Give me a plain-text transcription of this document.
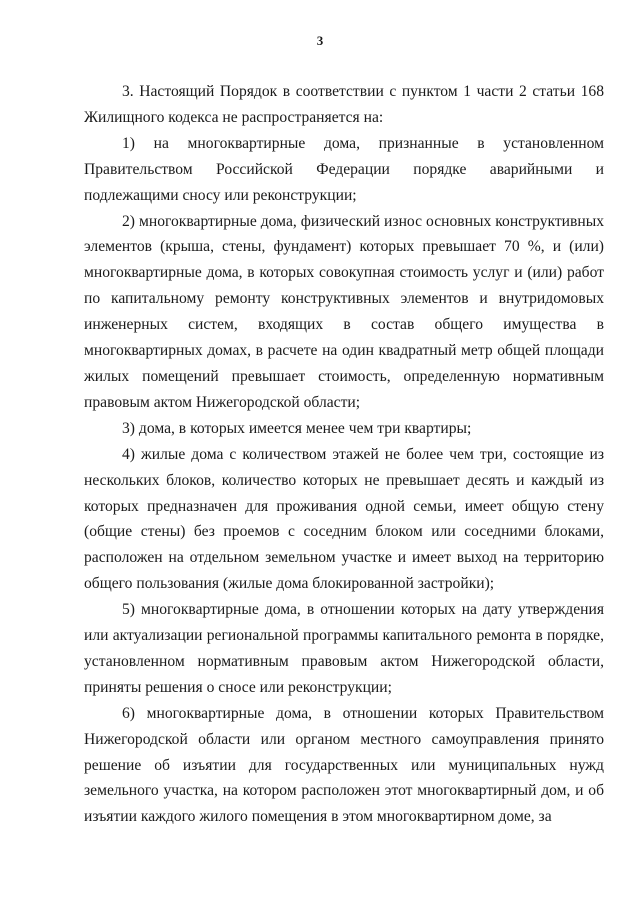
3

3. Настоящий Порядок в соответствии с пунктом 1 части 2 статьи 168 Жилищного кодекса не распространяется на:

1) на многоквартирные дома, признанные в установленном Правительством Российской Федерации порядке аварийными и подлежащими сносу или реконструкции;

2) многоквартирные дома, физический износ основных конструктивных элементов (крыша, стены, фундамент) которых превышает 70 %, и (или) многоквартирные дома, в которых совокупная стоимость услуг и (или) работ по капитальному ремонту конструктивных элементов и внутридомовых инженерных систем, входящих в состав общего имущества в многоквартирных домах, в расчете на один квадратный метр общей площади жилых помещений превышает стоимость, определенную нормативным правовым актом Нижегородской области;

3) дома, в которых имеется менее чем три квартиры;

4) жилые дома с количеством этажей не более чем три, состоящие из нескольких блоков, количество которых не превышает десять и каждый из которых предназначен для проживания одной семьи, имеет общую стену (общие стены) без проемов с соседним блоком или соседними блоками, расположен на отдельном земельном участке и имеет выход на территорию общего пользования (жилые дома блокированной застройки);

5) многоквартирные дома, в отношении которых на дату утверждения или актуализации региональной программы капитального ремонта в порядке, установленном нормативным правовым актом Нижегородской области, приняты решения о сносе или реконструкции;

6) многоквартирные дома, в отношении которых Правительством Нижегородской области или органом местного самоуправления принято решение об изъятии для государственных или муниципальных нужд земельного участка, на котором расположен этот многоквартирный дом, и об изъятии каждого жилого помещения в этом многоквартирном доме, за
